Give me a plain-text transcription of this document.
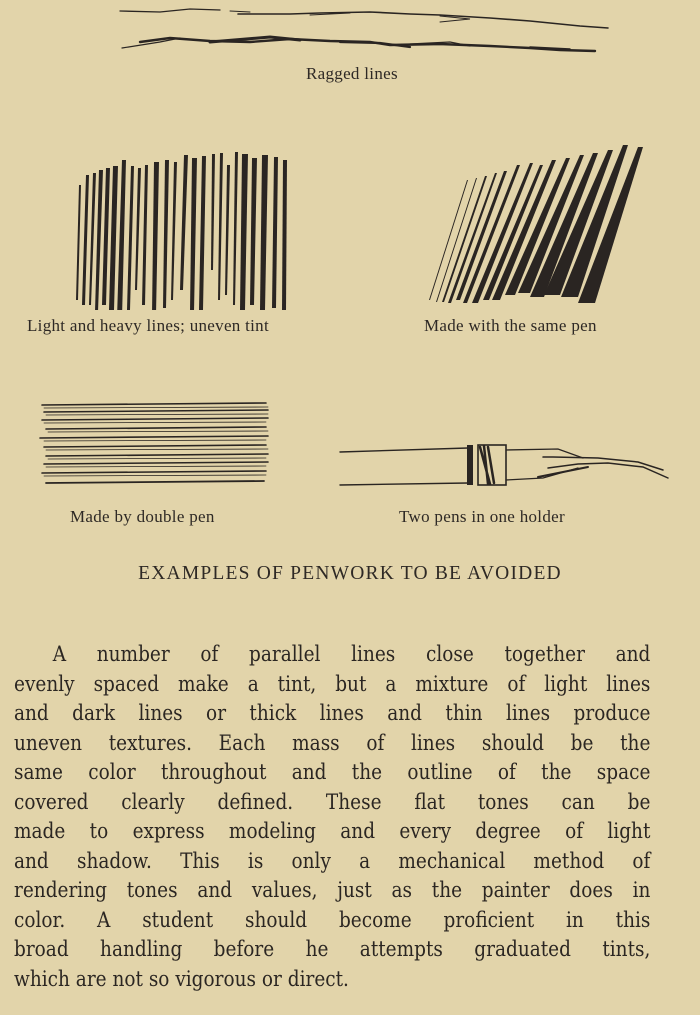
Ragged lines
Light and heavy lines; uneven tint	Made with the same pen
Made by double pen	Two pens in one holder
EXAMPLES OF PENWORK TO BE AVOIDED
A number of parallel lines close together and
evenly spaced make a tint, but a mixture of light lines
and dark lines or thick lines and thin lines produce
uneven textures. Each mass of lines should be the
same color throughout and the outline of the space
covered clearly defined. These flat tones can be
made to express modeling and every degree of light
and shadow. This is only a mechanical method of
rendering tones and values, just as the painter does in
color. A student should become proficient in this
broad handling before he attempts graduated tints,
which are not so vigorous or direct.
